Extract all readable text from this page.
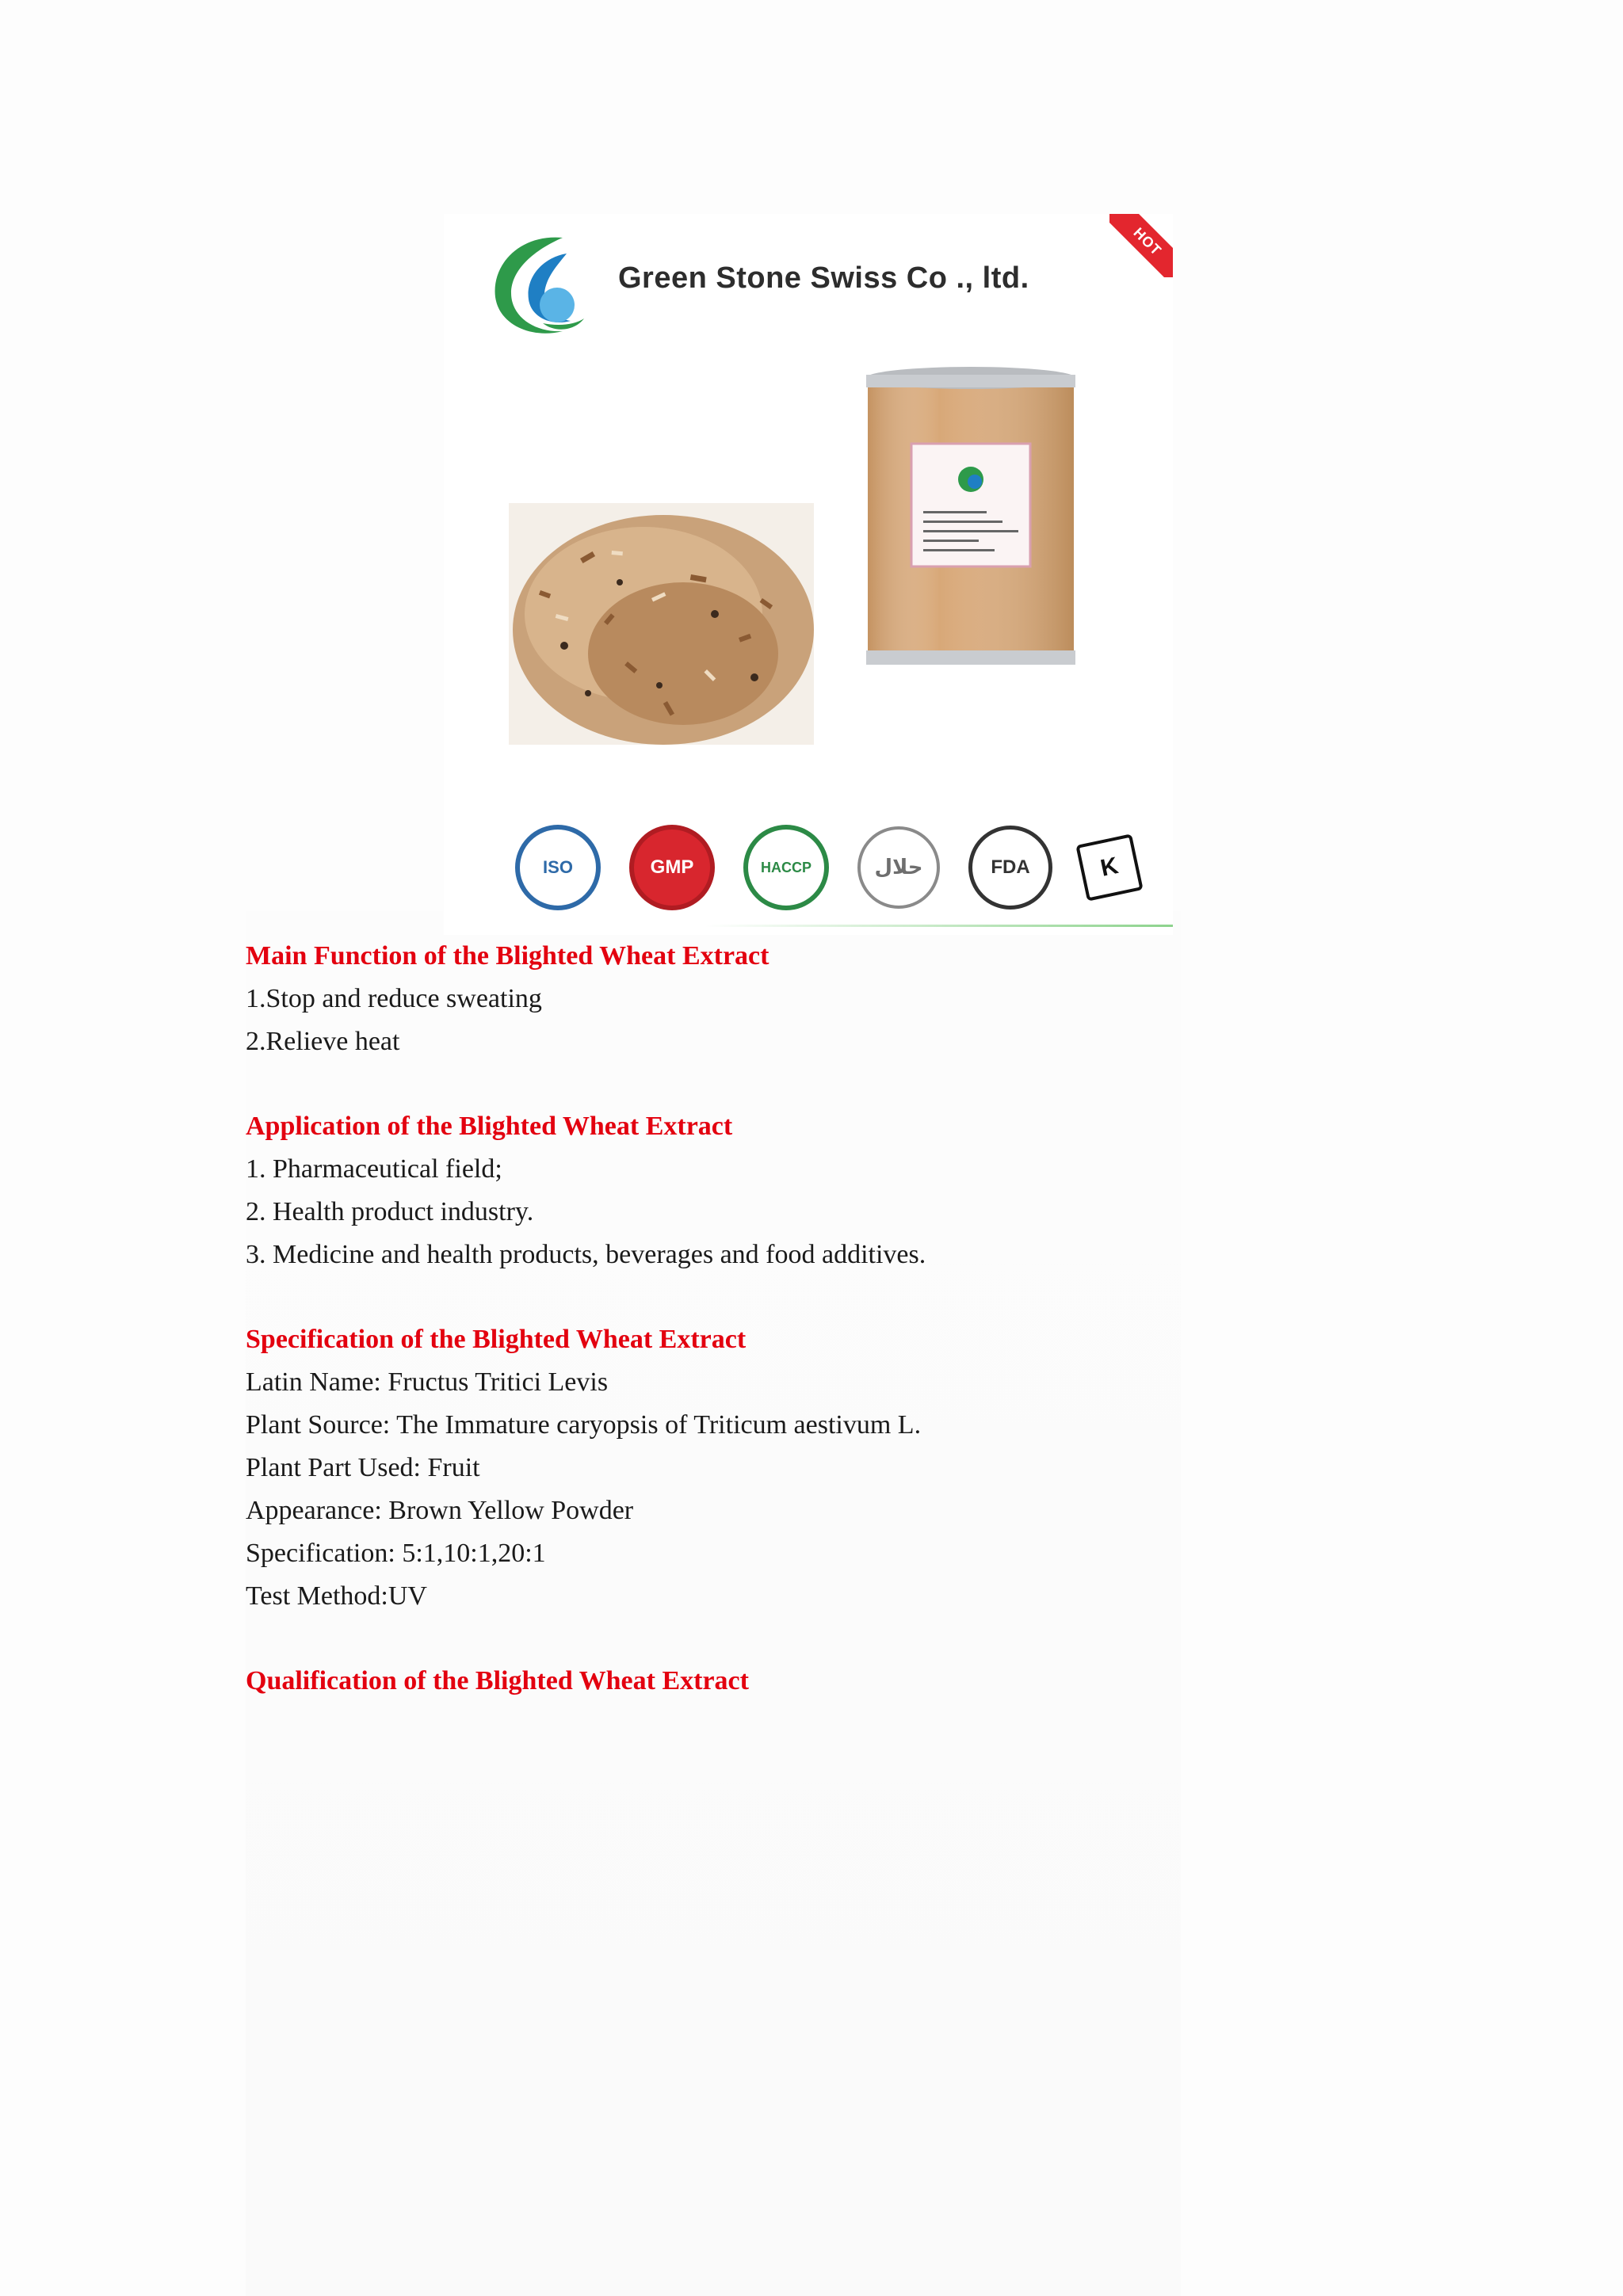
HOT
Green Stone Swiss Co ., ltd.
ISO	GMP	HACCP	حلال	FDA	K

Main Function of the Blighted Wheat Extract

1.Stop and reduce sweating

2.Relieve heat

Application of the Blighted Wheat Extract

1. Pharmaceutical field;

2. Health product industry.

3. Medicine and health products, beverages and food additives.

Specification of the Blighted Wheat Extract

Latin Name: Fructus Tritici Levis

Plant Source: The Immature caryopsis of Triticum aestivum L.

Plant Part Used: Fruit

Appearance: Brown Yellow Powder

Specification: 5:1,10:1,20:1

Test Method:UV

Qualification of the Blighted Wheat Extract
